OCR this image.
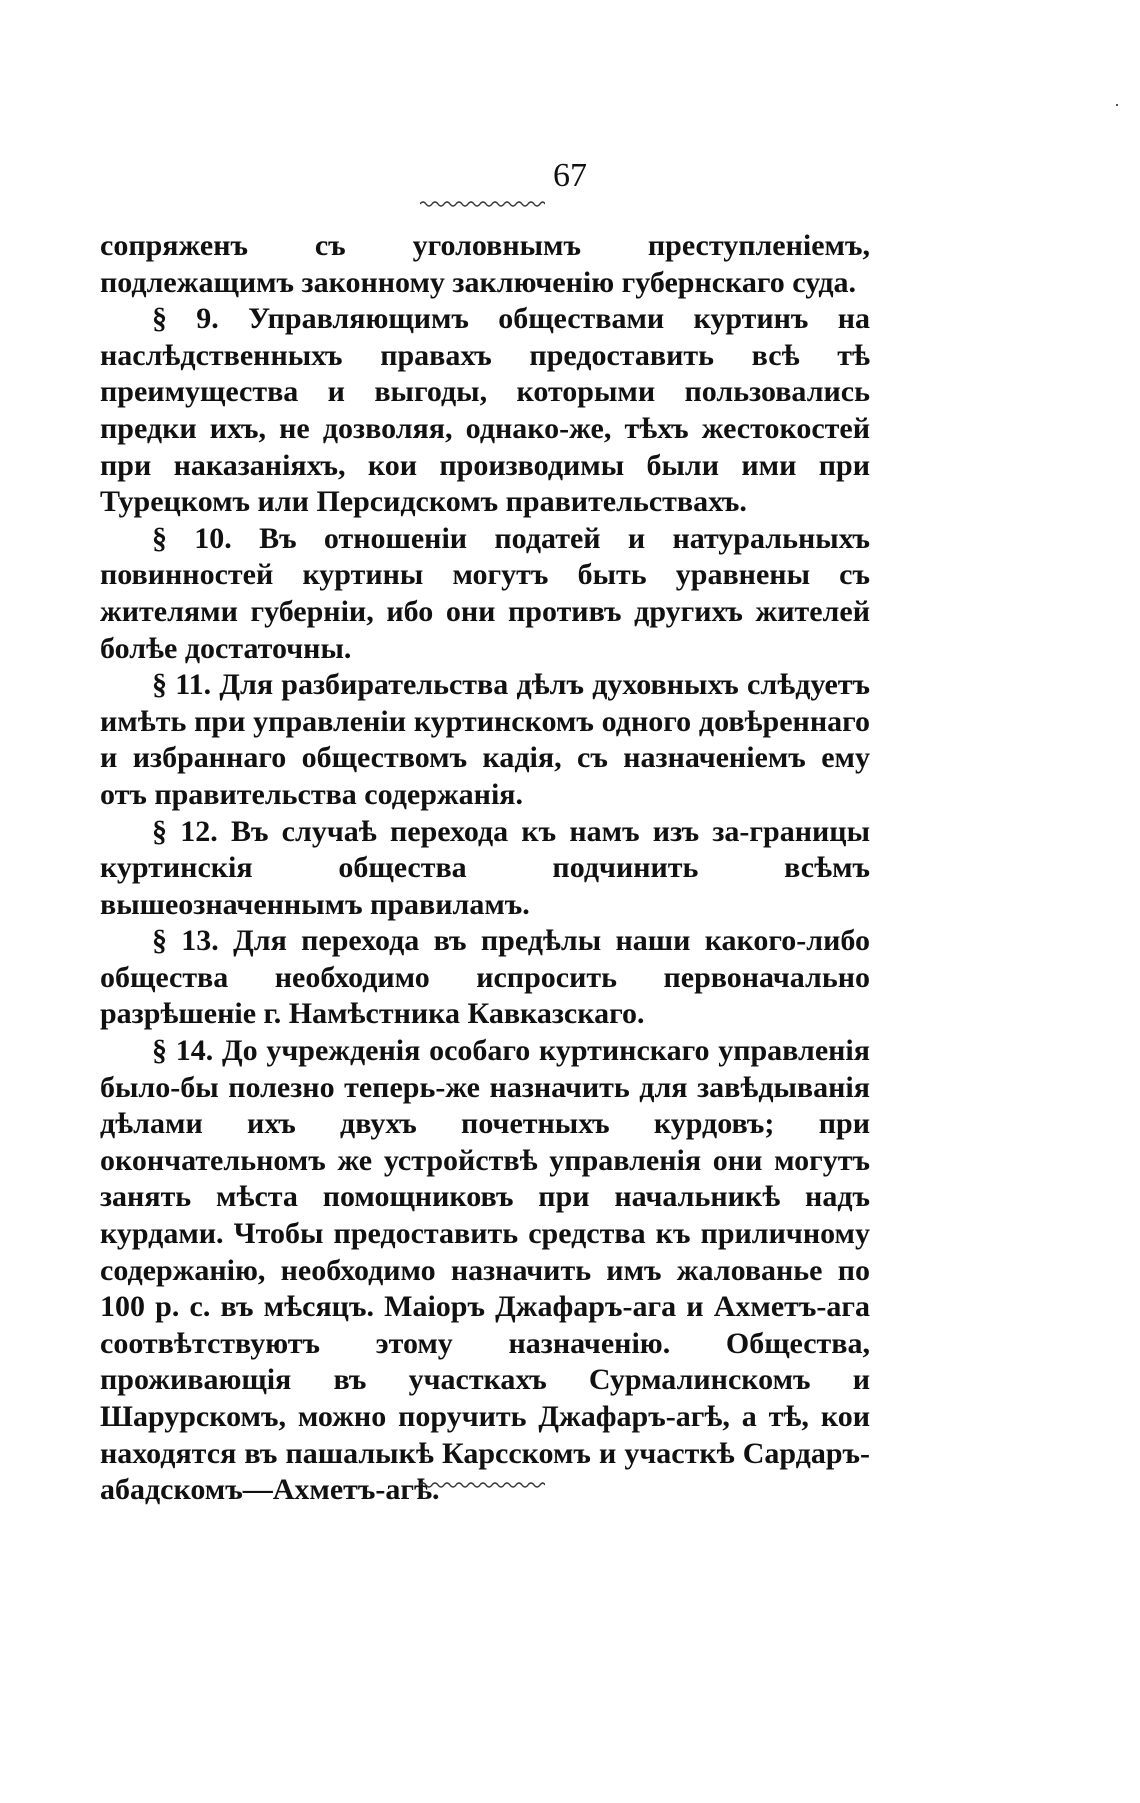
67

сопряженъ съ уголовнымъ преступленіемъ, подлежащимъ законному заключенію губернскаго суда.

§ 9. Управляющимъ обществами куртинъ на наслѣдственныхъ правахъ предоставить всѣ тѣ преимущества и выгоды, которыми пользовались предки ихъ, не дозволяя, однако-же, тѣхъ жестокостей при наказаніяхъ, кои производимы были ими при Турецкомъ или Персидскомъ правительствахъ.

§ 10. Въ отношеніи податей и натуральныхъ повинностей куртины могутъ быть уравнены съ жителями губерніи, ибо они противъ другихъ жителей болѣе достаточны.

§ 11. Для разбирательства дѣлъ духовныхъ слѣдуетъ имѣть при управленіи куртинскомъ одного довѣреннаго и избраннаго обществомъ кадія, съ назначеніемъ ему отъ правительства содержанія.

§ 12. Въ случаѣ перехода къ намъ изъ за-границы куртинскія общества подчинить всѣмъ вышеозначеннымъ правиламъ.

§ 13. Для перехода въ предѣлы наши какого-либо общества необходимо испросить первоначально разрѣшеніе г. Намѣстника Кавказскаго.

§ 14. До учрежденія особаго куртинскаго управленія было-бы полезно теперь-же назначить для завѣдыванія дѣлами ихъ двухъ почетныхъ курдовъ; при окончательномъ же устройствѣ управленія они могутъ занять мѣста помощниковъ при начальникѣ надъ курдами. Чтобы предоставить средства къ приличному содержанію, необходимо назначить имъ жалованье по 100 р. с. въ мѣсяцъ. Маіоръ Джафаръ-ага и Ахметъ-ага соотвѣтствуютъ этому назначенію. Общества, проживающія въ участкахъ Сурмалинскомъ и Шарурскомъ, можно поручить Джафаръ-агѣ, а тѣ, кои находятся въ пашалыкѣ Карсскомъ и участкѣ Сардаръ-абадскомъ—Ахметъ-агѣ.
